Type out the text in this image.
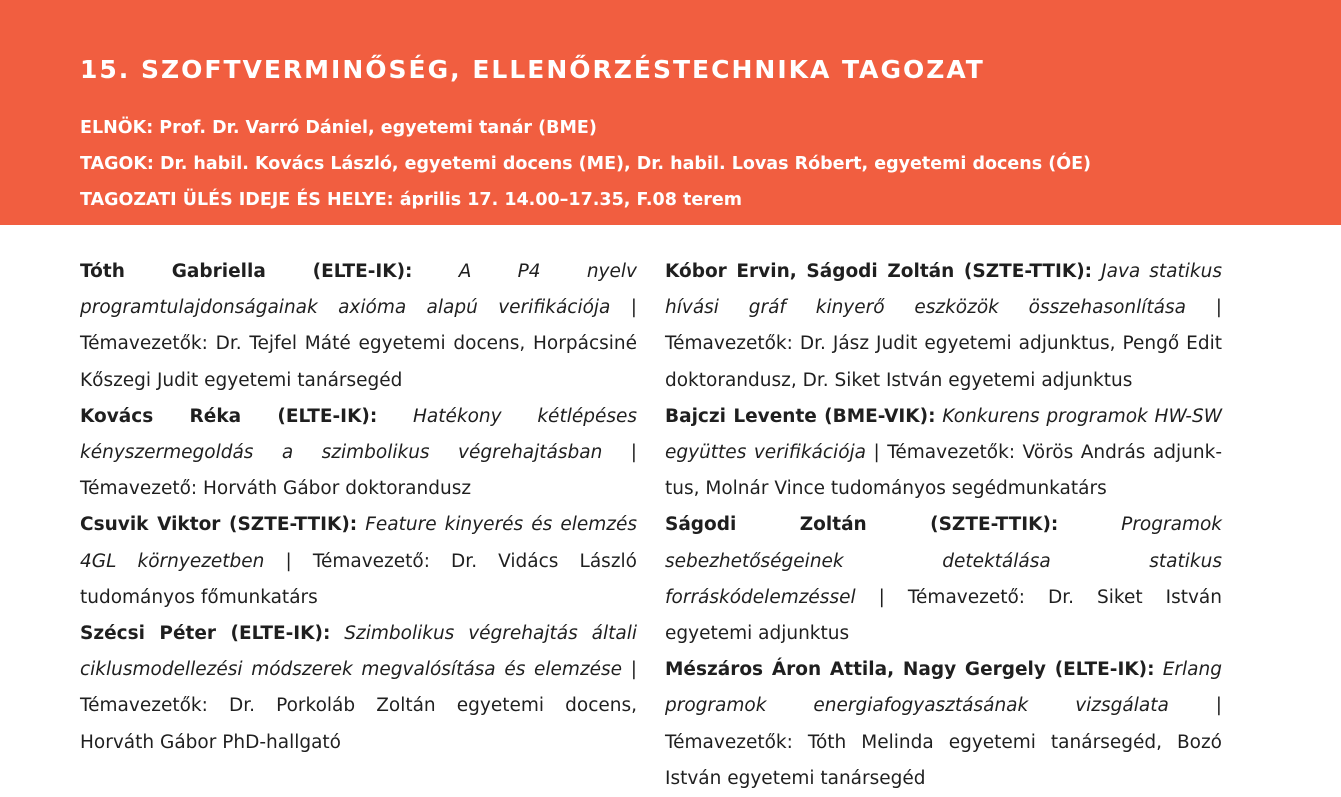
15. SZOFTVERMINŐSÉG, ELLENŐRZÉSTECHNIKA TAGOZAT

ELNÖK: Prof. Dr. Varró Dániel, egyetemi tanár (BME)

TAGOK: Dr. habil. Kovács László, egyetemi docens (ME), Dr. habil. Lovas Róbert, egyetemi docens (ÓE)

TAGOZATI ÜLÉS IDEJE ÉS HELYE: április 17. 14.00–17.35, F.08 terem

Tóth Gabriella (ELTE-IK):	A P4 nyelv programtulajdonságainak axióma alapú verifikációja | Témavezetők: Dr. Tejfel Máté egyetemi docens, Horpácsiné Kőszegi Judit egyetemi tanársegéd

Kovács Réka (ELTE-IK): Hatékony kétlépéses kényszermegoldás a szimbolikus végrehajtásban | Témavezető: Horváth Gábor doktorandusz

Csuvik Viktor (SZTE-TTIK): Feature kinyerés és elemzés 4GL környezetben | Témavezető: Dr. Vidács László tudományos főmunkatárs

Szécsi Péter (ELTE-IK): Szimbolikus végrehajtás általi ciklusmodellezési módszerek megvalósítása és elemzése | Témavezetők: Dr. Porkoláb Zoltán egyetemi docens, Horváth Gábor PhD-hallgató

Kóbor Ervin, Ságodi Zoltán (SZTE-TTIK): Java statikus hívási gráf kinyerő eszközök összehasonlítása | Témavezetők: Dr. Jász Judit egyetemi adjunktus, Pengő Edit doktorandusz, Dr. Siket István egyetemi adjunktus

Bajczi Levente (BME-VIK): Konkurens programok HW-SW együttes verifikációja | Témavezetők: Vörös András adjunktus, Molnár Vince tudományos segédmunkatárs

Ságodi Zoltán (SZTE-TTIK):	Programok sebezhetőségeinek detektálása statikus forráskódelemzéssel | Témavezető: Dr. Siket István egyetemi adjunktus

Mészáros Áron Attila, Nagy Gergely (ELTE-IK): Erlang programok energiafogyasztásának vizsgálata	| Témavezetők: Tóth Melinda egyetemi tanársegéd, Bozó István egyetemi tanársegéd
